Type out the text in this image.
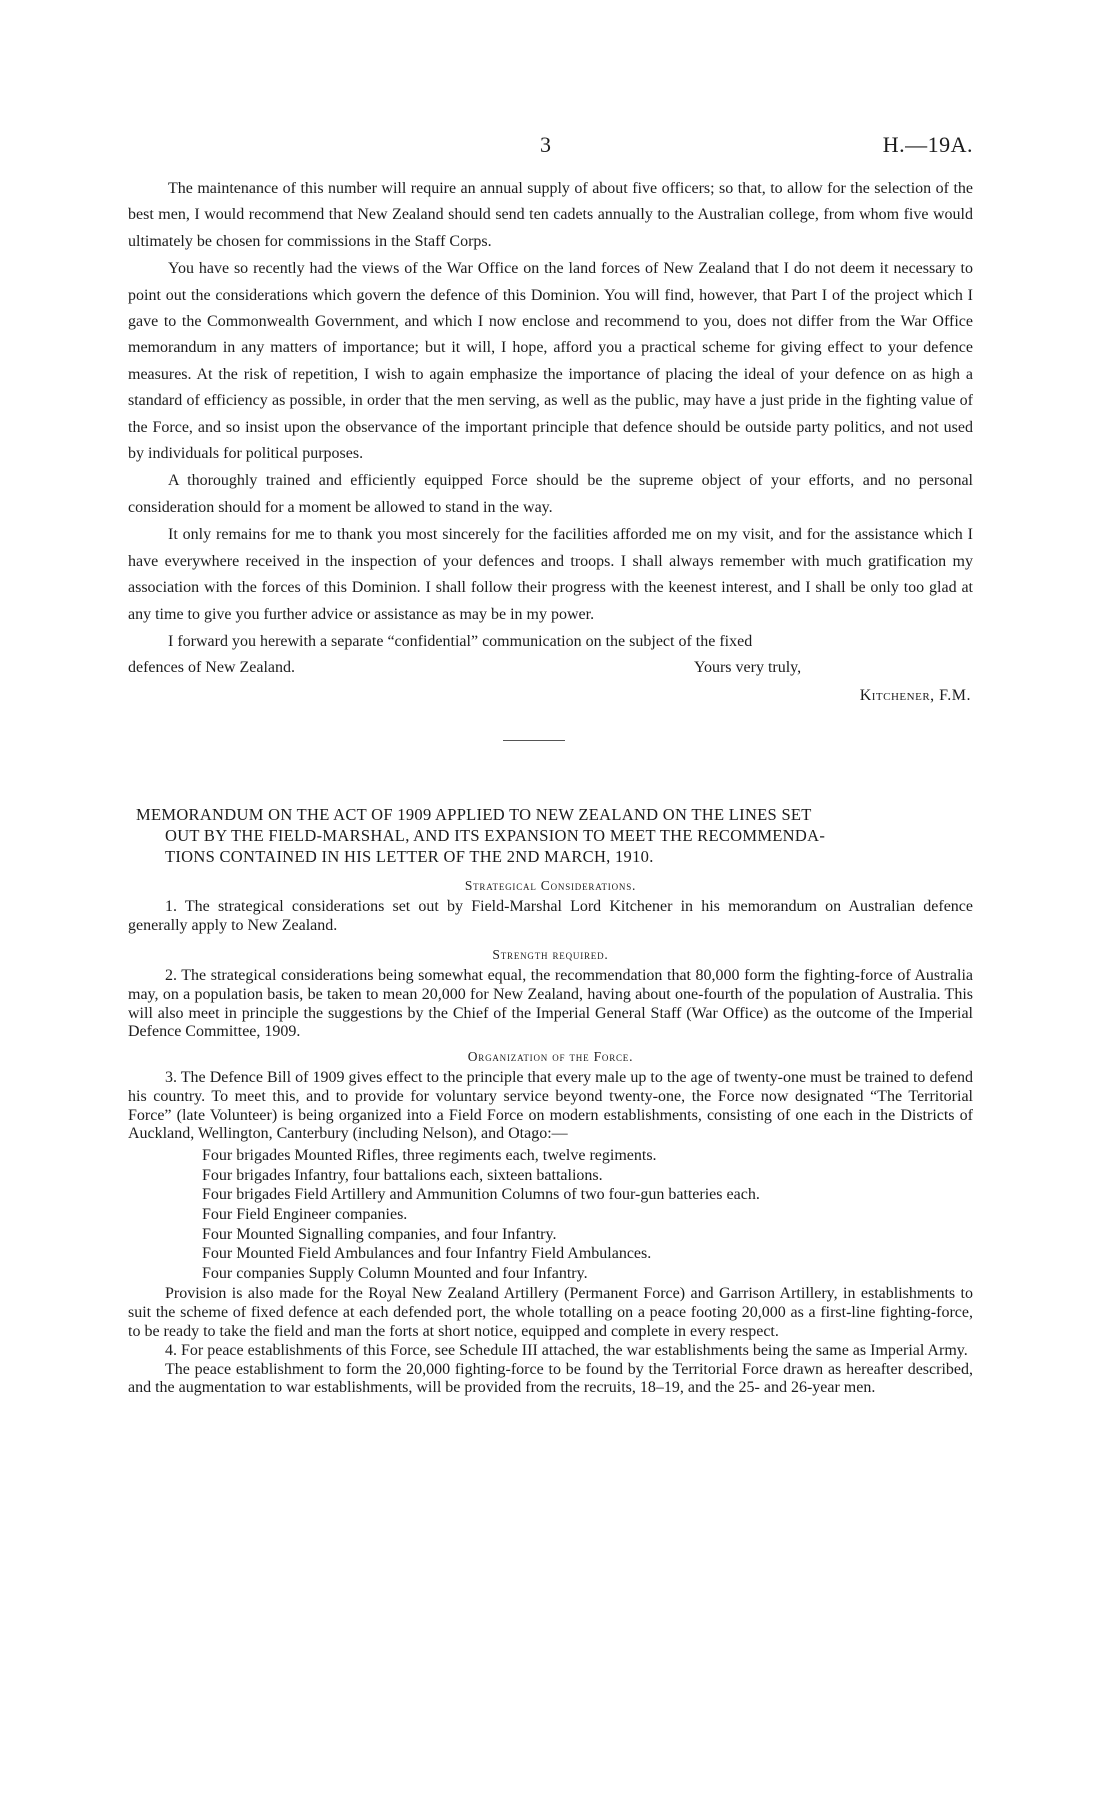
3	H.—19A.

The maintenance of this number will require an annual supply of about five officers; so that, to allow for the selection of the best men, I would recommend that New Zealand should send ten cadets annually to the Australian college, from whom five would ultimately be chosen for commissions in the Staff Corps.

You have so recently had the views of the War Office on the land forces of New Zealand that I do not deem it necessary to point out the considerations which govern the defence of this Dominion. You will find, however, that Part I of the project which I gave to the Commonwealth Government, and which I now enclose and recommend to you, does not differ from the War Office memorandum in any matters of importance; but it will, I hope, afford you a practical scheme for giving effect to your defence measures. At the risk of repetition, I wish to again emphasize the importance of placing the ideal of your defence on as high a standard of efficiency as possible, in order that the men serving, as well as the public, may have a just pride in the fighting value of the Force, and so insist upon the observance of the important principle that defence should be outside party politics, and not used by individuals for political purposes.

A thoroughly trained and efficiently equipped Force should be the supreme object of your efforts, and no personal consideration should for a moment be allowed to stand in the way.

It only remains for me to thank you most sincerely for the facilities afforded me on my visit, and for the assistance which I have everywhere received in the inspection of your defences and troops. I shall always remember with much gratification my association with the forces of this Dominion. I shall follow their progress with the keenest interest, and I shall be only too glad at any time to give you further advice or assistance as may be in my power.

I forward you herewith a separate “confidential” communication on the subject of the fixed

defences of New Zealand.	Yours very truly,
Kitchener, F.M.
MEMORANDUM ON THE ACT OF 1909 APPLIED TO NEW ZEALAND ON THE LINES SET
OUT BY THE FIELD-MARSHAL, AND ITS EXPANSION TO MEET THE RECOMMENDA-
TIONS CONTAINED IN HIS LETTER OF THE 2ND MARCH, 1910.
Strategical Considerations.

1. The strategical considerations set out by Field-Marshal Lord Kitchener in his memorandum on Australian defence generally apply to New Zealand.

Strength required.

2. The strategical considerations being somewhat equal, the recommendation that 80,000 form the fighting-force of Australia may, on a population basis, be taken to mean 20,000 for New Zealand, having about one-fourth of the population of Australia. This will also meet in principle the suggestions by the Chief of the Imperial General Staff (War Office) as the outcome of the Imperial Defence Committee, 1909.

Organization of the Force.

3. The Defence Bill of 1909 gives effect to the principle that every male up to the age of twenty-one must be trained to defend his country. To meet this, and to provide for voluntary service beyond twenty-one, the Force now designated “The Territorial Force” (late Volunteer) is being organized into a Field Force on modern establishments, consisting of one each in the Districts of Auckland, Wellington, Canterbury (including Nelson), and Otago:—

Four brigades Mounted Rifles, three regiments each, twelve regiments.
Four brigades Infantry, four battalions each, sixteen battalions.
Four brigades Field Artillery and Ammunition Columns of two four-gun batteries each.
Four Field Engineer companies.
Four Mounted Signalling companies, and four Infantry.
Four Mounted Field Ambulances and four Infantry Field Ambulances.
Four companies Supply Column Mounted and four Infantry.

Provision is also made for the Royal New Zealand Artillery (Permanent Force) and Garrison Artillery, in establishments to suit the scheme of fixed defence at each defended port, the whole totalling on a peace footing 20,000 as a first-line fighting-force, to be ready to take the field and man the forts at short notice, equipped and complete in every respect.

4. For peace establishments of this Force, see Schedule III attached, the war establishments being the same as Imperial Army.

The peace establishment to form the 20,000 fighting-force to be found by the Territorial Force drawn as hereafter described, and the augmentation to war establishments, will be provided from the recruits, 18–19, and the 25- and 26-year men.
